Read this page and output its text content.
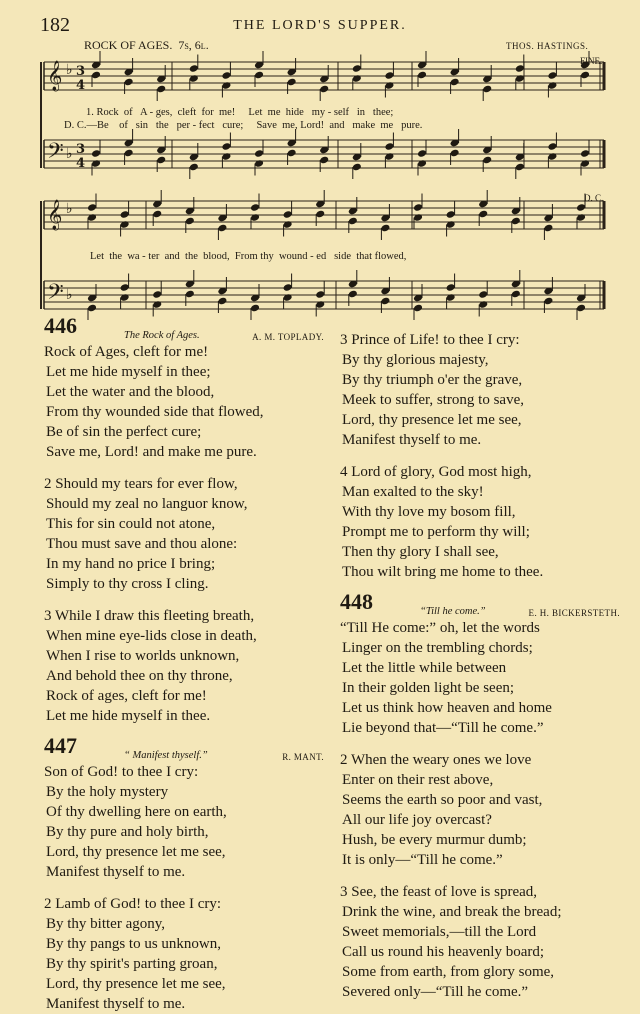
182	THE LORD'S SUPPER.
ROCK OF AGES. 7s, 6l.	THOS. HASTINGS.
𝄞 ♭ 3
4
𝄢 ♭ 3
4
𝄞 ♭
𝄢 ♭
FINE.
D. C.
1. Rock  of   A - ges,  cleft  for  me!     Let  me  hide   my - self   in   thee;
D. C.—Be    of   sin   the   per - fect   cure;     Save  me, Lord!  and   make  me   pure.
Let  the  wa - ter  and  the  blood,  From thy  wound - ed   side  that flowed,
446	The Rock of Ages.	A. M. TOPLADY.
Rock of Ages, cleft for me!
Let me hide myself in thee;
Let the water and the blood,
From thy wounded side that flowed,
Be of sin the perfect cure;
Save me, Lord! and make me pure.
2 Should my tears for ever flow,
Should my zeal no languor know,
This for sin could not atone,
Thou must save and thou alone:
In my hand no price I bring;
Simply to thy cross I cling.
3 While I draw this fleeting breath,
When mine eye-lids close in death,
When I rise to worlds unknown,
And behold thee on thy throne,
Rock of ages, cleft for me!
Let me hide myself in thee.
447	“ Manifest thyself.”	R. MANT.
Son of God! to thee I cry:
By the holy mystery
Of thy dwelling here on earth,
By thy pure and holy birth,
Lord, thy presence let me see,
Manifest thyself to me.
2 Lamb of God! to thee I cry:
By thy bitter agony,
By thy pangs to us unknown,
By thy spirit's parting groan,
Lord, thy presence let me see,
Manifest thyself to me.
3 Prince of Life! to thee I cry:
By thy glorious majesty,
By thy triumph o'er the grave,
Meek to suffer, strong to save,
Lord, thy presence let me see,
Manifest thyself to me.
4 Lord of glory, God most high,
Man exalted to the sky!
With thy love my bosom fill,
Prompt me to perform thy will;
Then thy glory I shall see,
Thou wilt bring me home to thee.
448	“Till he come.”	E. H. BICKERSTETH.
“Till He come:” oh, let the words
Linger on the trembling chords;
Let the little while between
In their golden light be seen;
Let us think how heaven and home
Lie beyond that—“Till he come.”
2 When the weary ones we love
Enter on their rest above,
Seems the earth so poor and vast,
All our life joy overcast?
Hush, be every murmur dumb;
It is only—“Till he come.”
3 See, the feast of love is spread,
Drink the wine, and break the bread;
Sweet memorials,—till the Lord
Call us round his heavenly board;
Some from earth, from glory some,
Severed only—“Till he come.”
